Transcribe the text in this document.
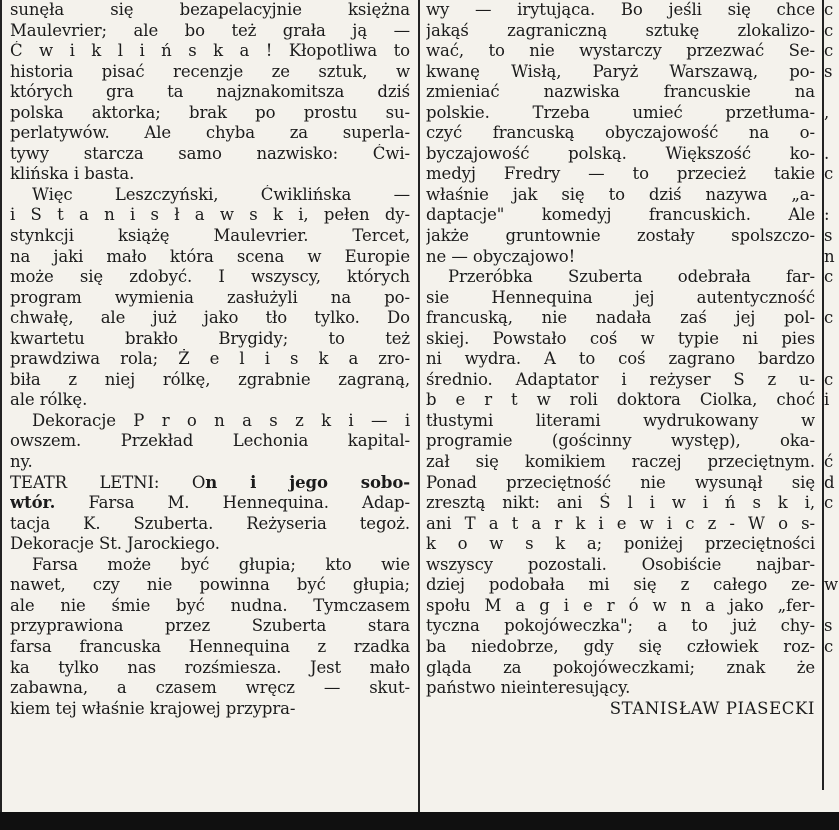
sunęła się bezapelacyjnie księżna
Maulevrier; ale bo też grała ją —
Ć w i k l i ń s k a ! Kłopotliwa to
historia pisać recenzje ze sztuk, w
których gra ta najznakomitsza dziś
polska aktorka; brak po prostu su-
perlatywów. Ale chyba za superla-
tywy starcza samo nazwisko: Ćwi-
klińska i basta.
Więc Leszczyński, Ćwiklińska —
i S t a n i s ł a w s k i, pełen dy-
stynkcji książę Maulevrier. Tercet,
na jaki mało która scena w Europie
może się zdobyć. I wszyscy, których
program wymienia zasłużyli na po-
chwałę, ale już jako tło tylko. Do
kwartetu brakło Brygidy; to też
prawdziwa rola; Ż e l i s k a zro-
biła z niej rólkę, zgrabnie zagraną,
ale rólkę.
Dekoracje P r o n a s z k i — i
owszem. Przekład Lechonia kapital-
ny.
TEATR LETNI: On i jego sobo-
wtór. Farsa M. Hennequina. Adap-
tacja K. Szuberta. Reżyseria tegoż.
Dekoracje St. Jarockiego.
Farsa może być głupia; kto wie
nawet, czy nie powinna być głupia;
ale nie śmie być nudna. Tymczasem
przyprawiona przez Szuberta stara
farsa francuska Hennequina z rzadka
ka tylko nas rozśmiesza. Jest mało
zabawna, a czasem wręcz — skut-
kiem tej właśnie krajowej przypra-
wy — irytująca. Bo jeśli się chce
jakąś zagraniczną sztukę zlokalizo-
wać, to nie wystarczy przezwać Se-
kwanę Wisłą, Paryż Warszawą, po-
zmieniać nazwiska francuskie na
polskie. Trzeba umieć przetłuma-
czyć francuską obyczajowość na o-
byczajowość polską. Większość ko-
medyj Fredry — to przecież takie
właśnie jak się to dziś nazywa „a-
daptacje" komedyj francuskich. Ale
jakże gruntownie zostały spolszczo-
ne — obyczajowo!
Przeróbka Szuberta odebrała far-
sie Hennequina jej autentyczność
francuską, nie nadała zaś jej pol-
skiej. Powstało coś w typie ni pies
ni wydra. A to coś zagrano bardzo
średnio. Adaptator i reżyser S z u-
b e r t w roli doktora Ciolka, choć
tłustymi literami wydrukowany w
programie (gościnny występ), oka-
zał się komikiem raczej przeciętnym.
Ponad przeciętność nie wysunął się
zresztą nikt: ani Ś l i w i ń s k i,
ani T a t a r k i e w i c z - W o s-
k o w s k a; poniżej przeciętności
wszyscy pozostali. Osobiście najbar-
dziej podobała mi się z całego ze-
społu M a g i e r ó w n a jako „fer-
tyczna pokojóweczka"; a to już chy-
ba niedobrze, gdy się człowiek roz-
gląda za pokojóweczkami; znak że
państwo nieinteresujący.
STANISŁAW PIASECKI
c
c
c
s
,
.
c
:
s
n
c
c
c
i
ć
d
c
w
s
c
